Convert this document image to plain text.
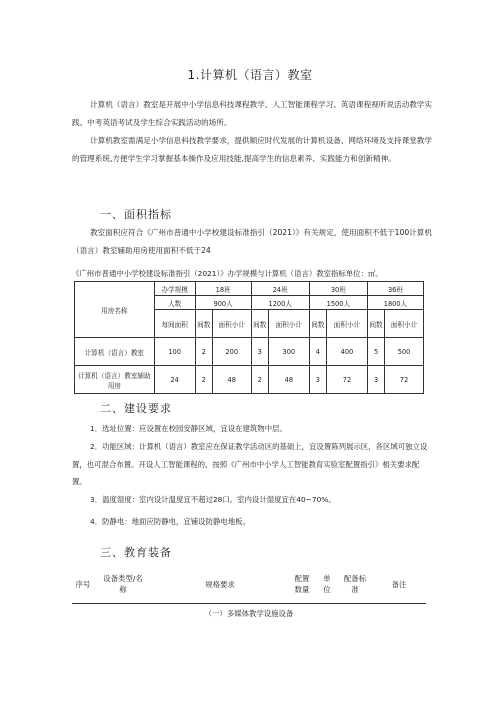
1.计算机（语言）教室

计算机（语言）教室是开展中小学信息科技课程教学、人工智能课程学习、英语课程视听说活动教学实践、中考英语考试及学生综合实践活动的场所。

计算机教室需满足小学信息科技教学要求，提供顺应时代发展的计算机设备、网络环境及支持课堂教学的管理系统,方便学生学习掌握基本操作及应用技能,提高学生的信息素养、实践能力和创新精神。

一、面积指标

教室面积应符合《广州市普通中小学校建设标准指引（2021）》有关规定，使用面积不低于100计算机（语言）教室辅助用房使用面积不低于24

《广州市普通中小学校建设标准指引（2021）》办学规模与计算机（语言）教室指标单位：㎡。
用房名称	办学规模	18班		24班		30班		36班	
	人数	900人		1200人		1500人		1800人	
	每间面积	间数	面积小计	间数	面积小计	间数	面积小计	间数	面积小计
计算机（语言）教室	100	2	200	3	300	4	400	5	500
计算机（语言）教室辅助用房	24	2	48	2	48	3	72	3	72
二、建设要求

1．选址位置：应设置在校园安静区域，宜设在建筑物中层。

2．功能区域：计算机（语言）教室应在保证教学活动区的基础上，宜设置陈列展示区，各区域可独立设置，也可混合布置。开设人工智能课程的，按照《广州市中小学人工智能教育实验室配置指引》相关要求配置。

3．温度湿度：室内设计温度宜不超过28口。室内设计湿度宜在40~70%。

4．防静电：地面应防静电，宜铺设防静电地板。

三、教育装备
序号	设备类型/名称	规格要求	配置数量	单位	配备标准	备注
（一）多媒体教学设施设备
